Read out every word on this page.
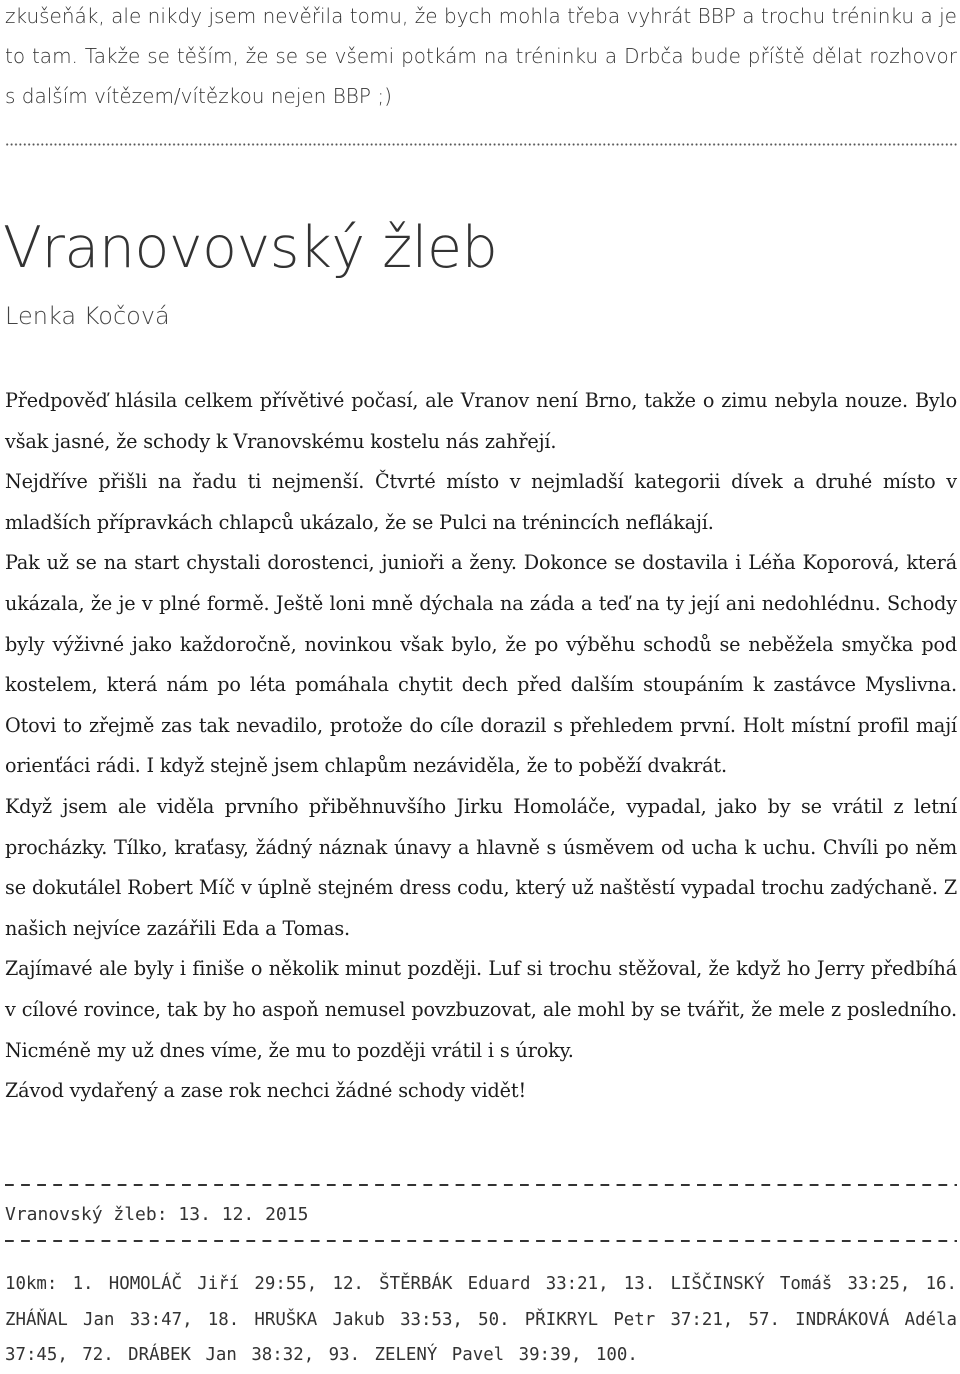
zkušeňák, ale nikdy jsem nevěřila tomu, že bych mohla třeba vyhrát BBP a trochu tréninku a je to tam. Takže se těším, že se se všemi potkám na tréninku a Drbča bude příště dělat rozhovor s dalším vítězem/vítězkou nejen BBP ;)

Vranovovský žleb
Lenka Kočová

Předpověď hlásila celkem přívětivé počasí, ale Vranov není Brno, takže o zimu nebyla nouze. Bylo však jasné, že schody k Vranovskému kostelu nás zahřejí.

Nejdříve přišli na řadu ti nejmenší. Čtvrté místo v nejmladší kategorii dívek a druhé místo v mladších přípravkách chlapců ukázalo, že se Pulci na trénincích neflákají.

Pak už se na start chystali dorostenci, junioři a ženy. Dokonce se dostavila i Léňa Koporová, která ukázala, že je v plné formě. Ještě loni mně dýchala na záda a teď na ty její ani nedohlédnu. Schody byly výživné jako každoročně, novinkou však bylo, že po výběhu schodů se neběžela smyčka pod kostelem, která nám po léta pomáhala chytit dech před dalším stoupáním k zastávce Myslivna. Otovi to zřejmě zas tak nevadilo, protože do cíle dorazil s přehledem první. Holt místní profil mají orienťáci rádi. I když stejně jsem chlapům nezáviděla, že to poběží dvakrát.

Když jsem ale viděla prvního přiběhnuvšího Jirku Homoláče, vypadal, jako by se vrátil z letní procházky. Tílko, kraťasy, žádný náznak únavy a hlavně s úsměvem od ucha k uchu. Chvíli po něm se dokutálel Robert Míč v úplně stejném dress codu, který už naštěstí vypadal trochu zadýchaně. Z našich nejvíce zazářili Eda a Tomas.

Zajímavé ale byly i finiše o několik minut později. Luf si trochu stěžoval, že když ho Jerry předbíhá v cílové rovince, tak by ho aspoň nemusel povzbuzovat, ale mohl by se tvářit, že mele z posledního. Nicméně my už dnes víme, že mu to později vrátil i s úroky.

Závod vydařený a zase rok nechci žádné schody vidět!

Vranovský žleb: 13. 12. 2015

10km: 1. HOMOLÁČ Jiří 29:55, 12. ŠTĚRBÁK Eduard 33:21, 13. LIŠČINSKÝ Tomáš 33:25, 16. ZHÁŇAL Jan 33:47, 18. HRUŠKA Jakub 33:53, 50. PŘIKRYL Petr 37:21, 57. INDRÁKOVÁ Adéla 37:45, 72. DRÁBEK Jan 38:32, 93. ZELENÝ Pavel 39:39, 100.
